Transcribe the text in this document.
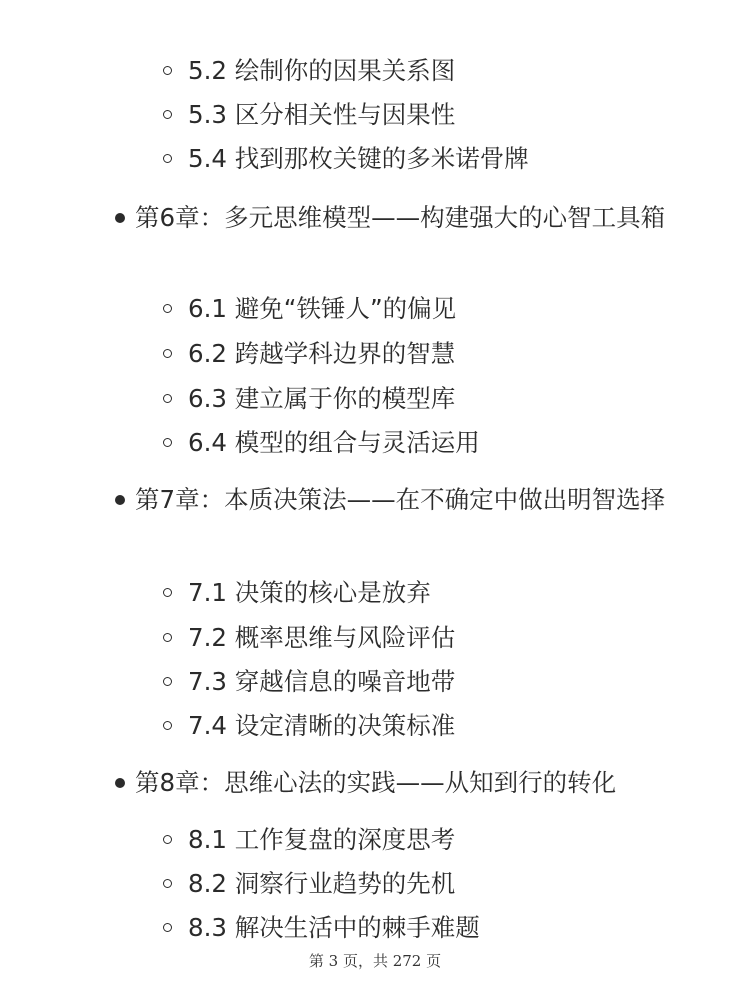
5.2 绘制你的因果关系图
5.3 区分相关性与因果性
5.4 找到那枚关键的多米诺骨牌
第6章：多元思维模型——构建强大的心智工具箱
6.1 避免“铁锤人”的偏见
6.2 跨越学科边界的智慧
6.3 建立属于你的模型库
6.4 模型的组合与灵活运用
第7章：本质决策法——在不确定中做出明智选择
7.1 决策的核心是放弃
7.2 概率思维与风险评估
7.3 穿越信息的噪音地带
7.4 设定清晰的决策标准
第8章：思维心法的实践——从知到行的转化
8.1 工作复盘的深度思考
8.2 洞察行业趋势的先机
8.3 解决生活中的棘手难题
第 3 页，共 272 页
